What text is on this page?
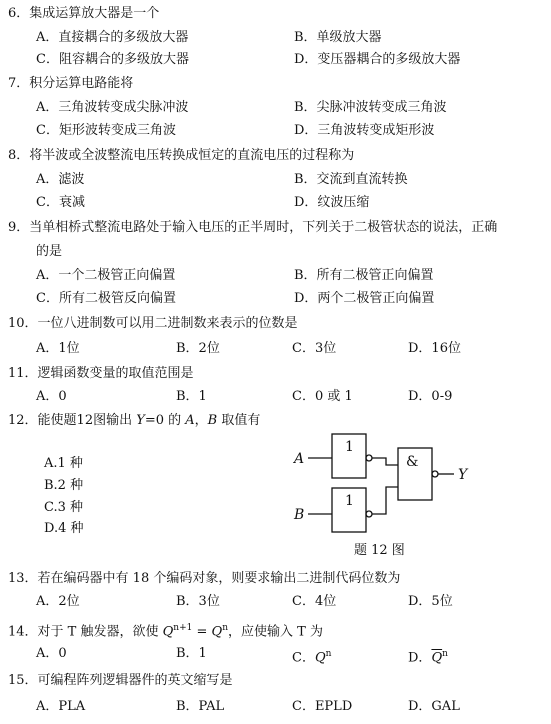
6．集成运算放大器是一个
A．直接耦合的多级放大器	B．单级放大器
C．阻容耦合的多级放大器	D．变压器耦合的多级放大器
7．积分运算电路能将
A．三角波转变成尖脉冲波	B．尖脉冲波转变成三角波
C．矩形波转变成三角波	D．三角波转变成矩形波
8．将半波或全波整流电压转换成恒定的直流电压的过程称为
A．滤波	B．交流到直流转换
C．衰减	D．纹波压缩
9．当单相桥式整流电路处于输入电压的正半周时，下列关于二极管状态的说法，正确
的是
A．一个二极管正向偏置	B．所有二极管正向偏置
C．所有二极管反向偏置	D．两个二极管正向偏置
10．一位八进制数可以用二进制数来表示的位数是
A．1位	B．2位	C．3位	D．16位
11．逻辑函数变量的取值范围是
A．0	B．1	C．0 或 1	D．0-9
12．能使题12图输出 Y=0 的 A，B 取值有
A.1 种
B.2 种
C.3 种
D.4 种
1
1
&
A
B
Y
题 12 图
13．若在编码器中有 18 个编码对象，则要求输出二进制代码位数为
A．2位	B．3位	C．4位	D．5位
14．对于 T 触发器，欲使 $Q^{n+1} = Q^n$，应使输入 T 为
A．0	B．1	C．$Q^n$	D．$\overline{Q}^n$
15．可编程阵列逻辑器件的英文缩写是
A．PLA	B．PAL	C．EPLD	D．GAL
